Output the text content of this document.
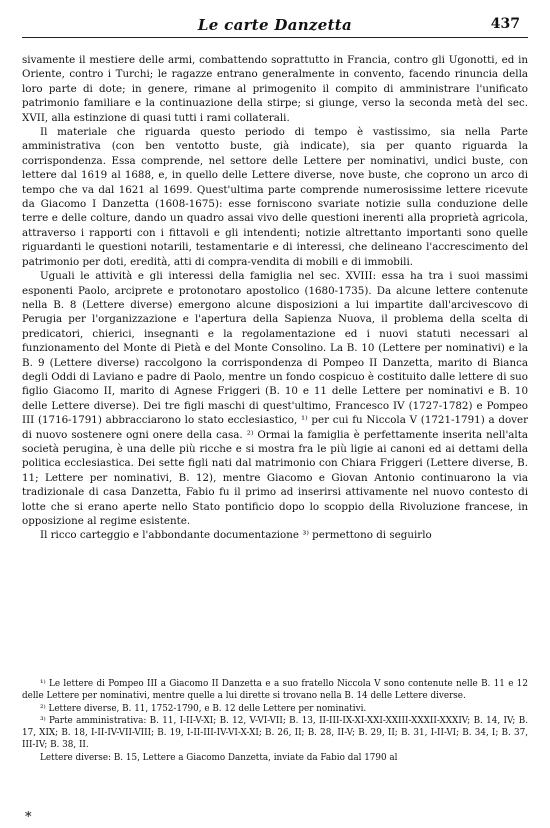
Le carte Danzetta	437

sivamente il mestiere delle armi, combattendo soprattutto in Francia, contro gli Ugonotti, ed in Oriente, contro i Turchi; le ragazze entrano generalmente in convento, facendo rinuncia della loro parte di dote; in genere, rimane al primogenito il compito di amministrare l'unificato patrimonio familiare e la continuazione della stirpe; si giunge, verso la seconda metà del sec. XVII, alla estinzione di quasi tutti i rami collaterali.

Il materiale che riguarda questo periodo di tempo è vastissimo, sia nella Parte amministrativa (con ben ventotto buste, già indicate), sia per quanto riguarda la corrispondenza. Essa comprende, nel settore delle Lettere per nominativi, undici buste, con lettere dal 1619 al 1688, e, in quello delle Lettere diverse, nove buste, che coprono un arco di tempo che va dal 1621 al 1699. Quest'ultima parte comprende numerosissime lettere ricevute da Giacomo I Danzetta (1608-1675): esse forniscono svariate notizie sulla conduzione delle terre e delle colture, dando un quadro assai vivo delle questioni inerenti alla proprietà agricola, attraverso i rapporti con i fittavoli e gli intendenti; notizie altrettanto importanti sono quelle riguardanti le questioni notarili, testamentarie e di interessi, che delineano l'accrescimento del patrimonio per doti, eredità, atti di compra-vendita di mobili e di immobili.

Uguali le attività e gli interessi della famiglia nel sec. XVIII: essa ha tra i suoi massimi esponenti Paolo, arciprete e protonotaro apostolico (1680-1735). Da alcune lettere contenute nella B. 8 (Lettere diverse) emergono alcune disposizioni a lui impartite dall'arcivescovo di Perugia per l'organizzazione e l'apertura della Sapienza Nuova, il problema della scelta di predicatori, chierici, insegnanti e la regolamentazione ed i nuovi statuti necessari al funzionamento del Monte di Pietà e del Monte Consolino. La B. 10 (Lettere per nominativi) e la B. 9 (Lettere diverse) raccolgono la corrispondenza di Pompeo II Danzetta, marito di Bianca degli Oddi di Laviano e padre di Paolo, mentre un fondo cospicuo è costituito dalle lettere di suo figlio Giacomo II, marito di Agnese Friggeri (B. 10 e 11 delle Lettere per nominativi e B. 10 delle Lettere diverse). Dei tre figli maschi di quest'ultimo, Francesco IV (1727-1782) e Pompeo III (1716-1791) abbracciarono lo stato ecclesiastico, ¹⁾ per cui fu Niccola V (1721-1791) a dover di nuovo sostenere ogni onere della casa. ²⁾ Ormai la famiglia è perfettamente inserita nell'alta società perugina, è una delle più ricche e si mostra fra le più ligie ai canoni ed ai dettami della politica ecclesiastica. Dei sette figli nati dal matrimonio con Chiara Friggeri (Lettere diverse, B. 11; Lettere per nominativi, B. 12), mentre Giacomo e Giovan Antonio continuarono la via tradizionale di casa Danzetta, Fabio fu il primo ad inserirsi attivamente nel nuovo contesto di lotte che si erano aperte nello Stato pontificio dopo lo scoppio della Rivoluzione francese, in opposizione al regime esistente.

Il ricco carteggio e l'abbondante documentazione ³⁾ permettono di seguirlo

¹⁾ Le lettere di Pompeo III a Giacomo II Danzetta e a suo fratello Niccola V sono contenute nelle B. 11 e 12 delle Lettere per nominativi, mentre quelle a lui dirette si trovano nella B. 14 delle Lettere diverse.

²⁾ Lettere diverse, B. 11, 1752-1790, e B. 12 delle Lettere per nominativi.

³⁾ Parte amministrativa: B. 11, I-II-V-XI; B. 12, V-VI-VII; B. 13, II-III-IX-XI-XXI-XXIII-XXXII-XXXIV; B. 14, IV; B. 17, XIX; B. 18, I-II-IV-VII-VIII; B. 19, I-II-III-IV-VI-X-XI; B. 26, II; B. 28, II-V; B. 29, II; B. 31, I-II-VI; B. 34, I; B. 37, III-IV; B. 38, II.

Lettere diverse: B. 15, Lettere a Giacomo Danzetta, inviate da Fabio dal 1790 al

*
